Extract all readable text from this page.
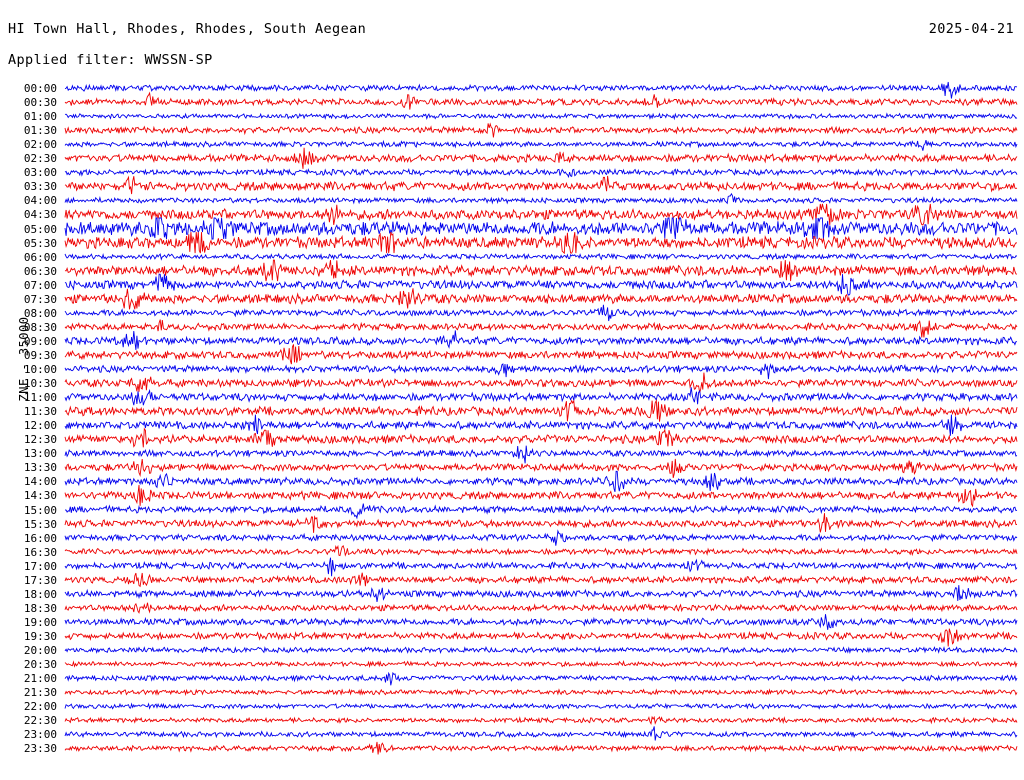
HI Town Hall, Rhodes, Rhodes, South Aegean	2025-04-21
Applied filter: WWSSN-SP
ZNE - 35000
00:00
00:30
01:00
01:30
02:00
02:30
03:00
03:30
04:00
04:30
05:00
05:30
06:00
06:30
07:00
07:30
08:00
08:30
09:00
09:30
10:00
10:30
11:00
11:30
12:00
12:30
13:00
13:30
14:00
14:30
15:00
15:30
16:00
16:30
17:00
17:30
18:00
18:30
19:00
19:30
20:00
20:30
21:00
21:30
22:00
22:30
23:00
23:30
